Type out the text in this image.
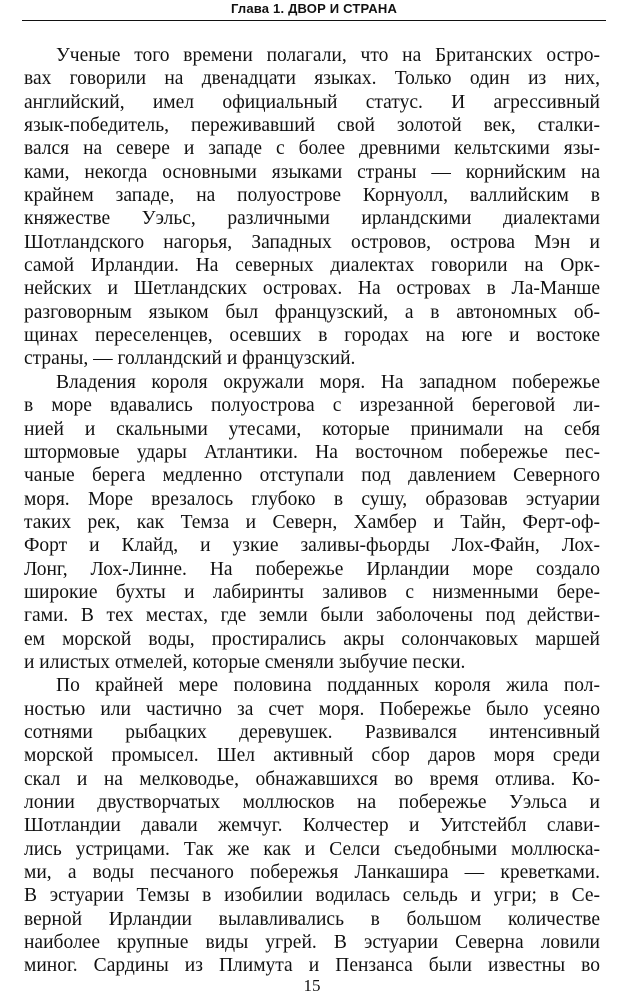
Глава 1. ДВОР И СТРАНА
Ученые того времени полагали, что на Британских остро-
вах говорили на двенадцати языках. Только один из них,
английский, имел официальный статус. И агрессивный
язык-победитель, переживавший свой золотой век, сталки-
вался на севере и западе с более древними кельтскими язы-
ками, некогда основными языками страны — корнийским на
крайнем западе, на полуострове Корнуолл, валлийским в
княжестве Уэльс, различными ирландскими диалектами
Шотландского нагорья, Западных островов, острова Мэн и
самой Ирландии. На северных диалектах говорили на Орк-
нейских и Шетландских островах. На островах в Ла-Манше
разговорным языком был французский, а в автономных об-
щинах переселенцев, осевших в городах на юге и востоке
страны, — голландский и французский.
Владения короля окружали моря. На западном побережье
в море вдавались полуострова с изрезанной береговой ли-
нией и скальными утесами, которые принимали на себя
штормовые удары Атлантики. На восточном побережье пес-
чаные берега медленно отступали под давлением Северного
моря. Море врезалось глубоко в сушу, образовав эстуарии
таких рек, как Темза и Северн, Хамбер и Тайн, Ферт-оф-
Форт и Клайд, и узкие заливы-фьорды Лох-Файн, Лох-
Лонг, Лох-Линне. На побережье Ирландии море создало
широкие бухты и лабиринты заливов с низменными бере-
гами. В тех местах, где земли были заболочены под действи-
ем морской воды, простирались акры солончаковых маршей
и илистых отмелей, которые сменяли зыбучие пески.
По крайней мере половина подданных короля жила пол-
ностью или частично за счет моря. Побережье было усеяно
сотнями рыбацких деревушек. Развивался интенсивный
морской промысел. Шел активный сбор даров моря среди
скал и на мелководье, обнажавшихся во время отлива. Ко-
лонии двустворчатых моллюсков на побережье Уэльса и
Шотландии давали жемчуг. Колчестер и Уитстейбл слави-
лись устрицами. Так же как и Селси съедобными моллюска-
ми, а воды песчаного побережья Ланкашира — креветками.
В эстуарии Темзы в изобилии водилась сельдь и угри; в Се-
верной Ирландии вылавливались в большом количестве
наиболее крупные виды угрей. В эстуарии Северна ловили
миног. Сардины из Плимута и Пензанса были известны во
15
